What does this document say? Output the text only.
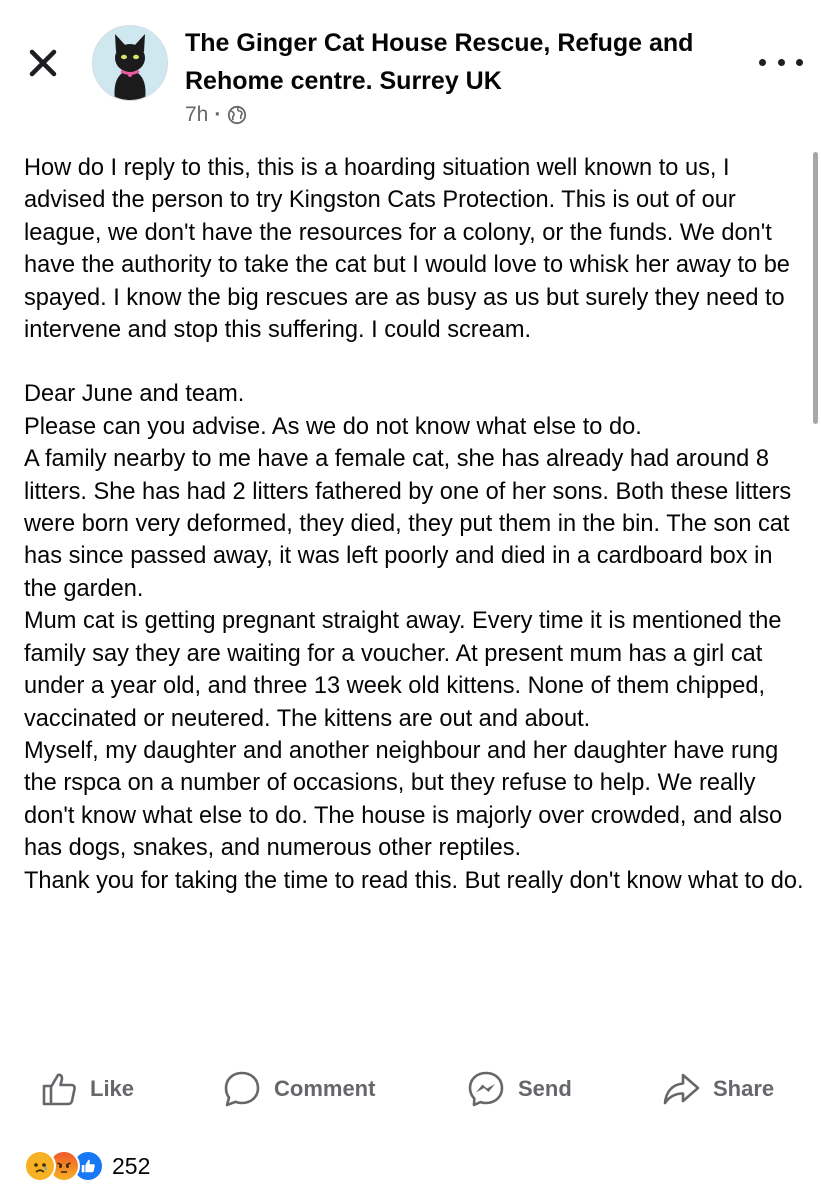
The Ginger Cat House Rescue, Refuge and Rehome centre. Surrey UK
7h ·

How do I reply to this, this is a hoarding situation well known to us, I advised the person to try Kingston Cats Protection. This is out of our league, we don't have the resources for a colony, or the funds. We don't have the authority to take the cat but I would love to whisk her away to be spayed. I know the big rescues are as busy as us but surely they need to intervene and stop this suffering. I could scream.

Dear June and team.
Please can you advise. As we do not know what else to do.
A family nearby to me have a female cat, she has already had around 8 litters. She has had 2 litters fathered by one of her sons. Both these litters were born very deformed, they died, they put them in the bin. The son cat has since passed away, it was left poorly and died in a cardboard box in the garden.
Mum cat is getting pregnant straight away. Every time it is mentioned the family say they are waiting for a voucher. At present mum has a girl cat under a year old, and three 13 week old kittens. None of them chipped, vaccinated or neutered. The kittens are out and about.
Myself, my daughter and another neighbour and her daughter have rung the rspca on a number of occasions, but they refuse to help. We really don't know what else to do. The house is majorly over crowded, and also has dogs, snakes, and numerous other reptiles.
Thank you for taking the time to read this. But really don't know what to do.

Like	Comment	Send	Share
252
